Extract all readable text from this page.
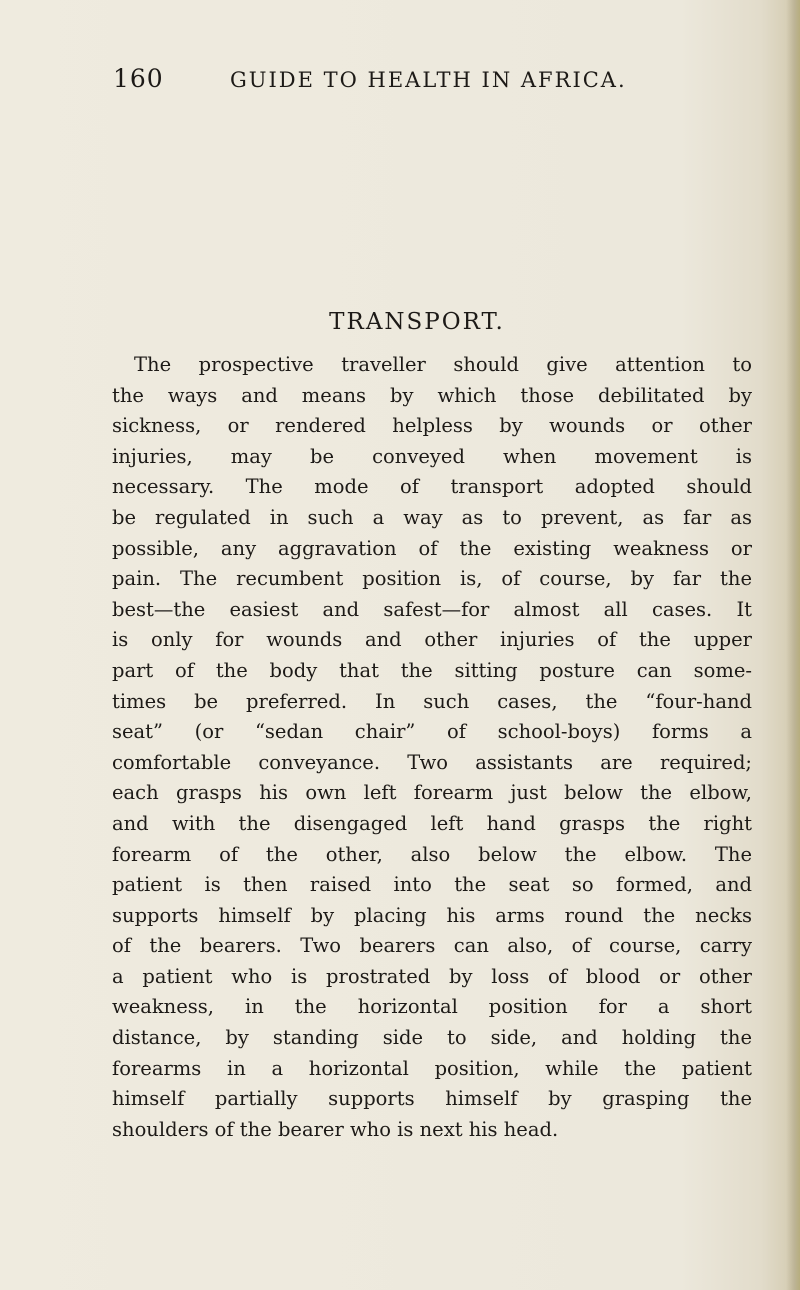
160	GUIDE TO HEALTH IN AFRICA.
TRANSPORT.
The prospective traveller should give attention to
the ways and means by which those debilitated by
sickness, or rendered helpless by wounds or other
injuries, may be conveyed when movement is
necessary. The mode of transport adopted should
be regulated in such a way as to prevent, as far as
possible, any aggravation of the existing weakness or
pain. The recumbent position is, of course, by far the
best—the easiest and safest—for almost all cases. It
is only for wounds and other injuries of the upper
part of the body that the sitting posture can some-
times be preferred. In such cases, the “four-hand
seat” (or “sedan chair” of school-boys) forms a
comfortable conveyance. Two assistants are required;
each grasps his own left forearm just below the elbow,
and with the disengaged left hand grasps the right
forearm of the other, also below the elbow. The
patient is then raised into the seat so formed, and
supports himself by placing his arms round the necks
of the bearers. Two bearers can also, of course, carry
a patient who is prostrated by loss of blood or other
weakness, in the horizontal position for a short
distance, by standing side to side, and holding the
forearms in a horizontal position, while the patient
himself partially supports himself by grasping the
shoulders of the bearer who is next his head.
